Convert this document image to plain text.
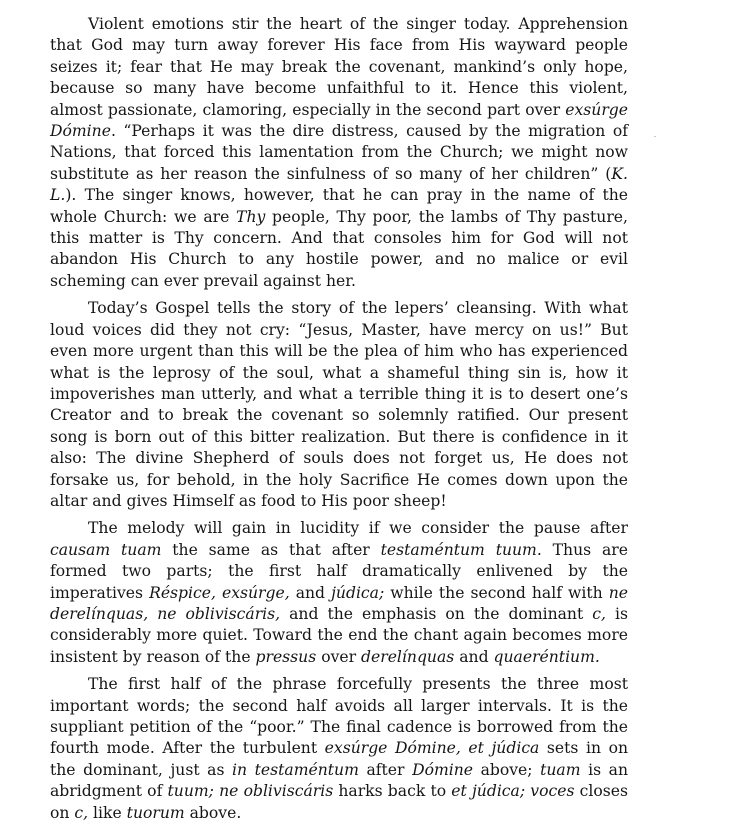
Violent emotions stir the heart of the singer today. Apprehension that God may turn away forever His face from His wayward people seizes it; fear that He may break the covenant, mankind’s only hope, because so many have become unfaithful to it. Hence this violent, almost passionate, clamoring, especially in the second part over exsúrge Dómine. “Perhaps it was the dire distress, caused by the migration of Nations, that forced this lamentation from the Church; we might now substitute as her reason the sinfulness of so many of her children” (K. L.). The singer knows, however, that he can pray in the name of the whole Church: we are Thy people, Thy poor, the lambs of Thy pasture, this matter is Thy concern. And that consoles him for God will not abandon His Church to any hostile power, and no malice or evil scheming can ever prevail against her.

Today’s Gospel tells the story of the lepers’ cleansing. With what loud voices did they not cry: “Jesus, Master, have mercy on us!” But even more urgent than this will be the plea of him who has experienced what is the leprosy of the soul, what a shameful thing sin is, how it impoverishes man utterly, and what a terrible thing it is to desert one’s Creator and to break the covenant so solemnly ratified. Our present song is born out of this bitter realization. But there is confidence in it also: The divine Shepherd of souls does not forget us, He does not forsake us, for behold, in the holy Sacrifice He comes down upon the altar and gives Himself as food to His poor sheep!

The melody will gain in lucidity if we consider the pause after causam tuam the same as that after testaméntum tuum. Thus are formed two parts; the first half dramatically enlivened by the imperatives Réspice, exsúrge, and júdica; while the second half with ne derelínquas, ne obliviscáris, and the emphasis on the dominant c, is considerably more quiet. Toward the end the chant again becomes more insistent by reason of the pressus over derelínquas and quaeréntium.

The first half of the phrase forcefully presents the three most important words; the second half avoids all larger intervals. It is the suppliant petition of the “poor.” The final cadence is borrowed from the fourth mode. After the turbulent exsúrge Dómine, et júdica sets in on the dominant, just as in testaméntum after Dómine above; tuam is an abridgment of tuum; ne obliviscáris harks back to et júdica; voces closes on c, like tuorum above.
